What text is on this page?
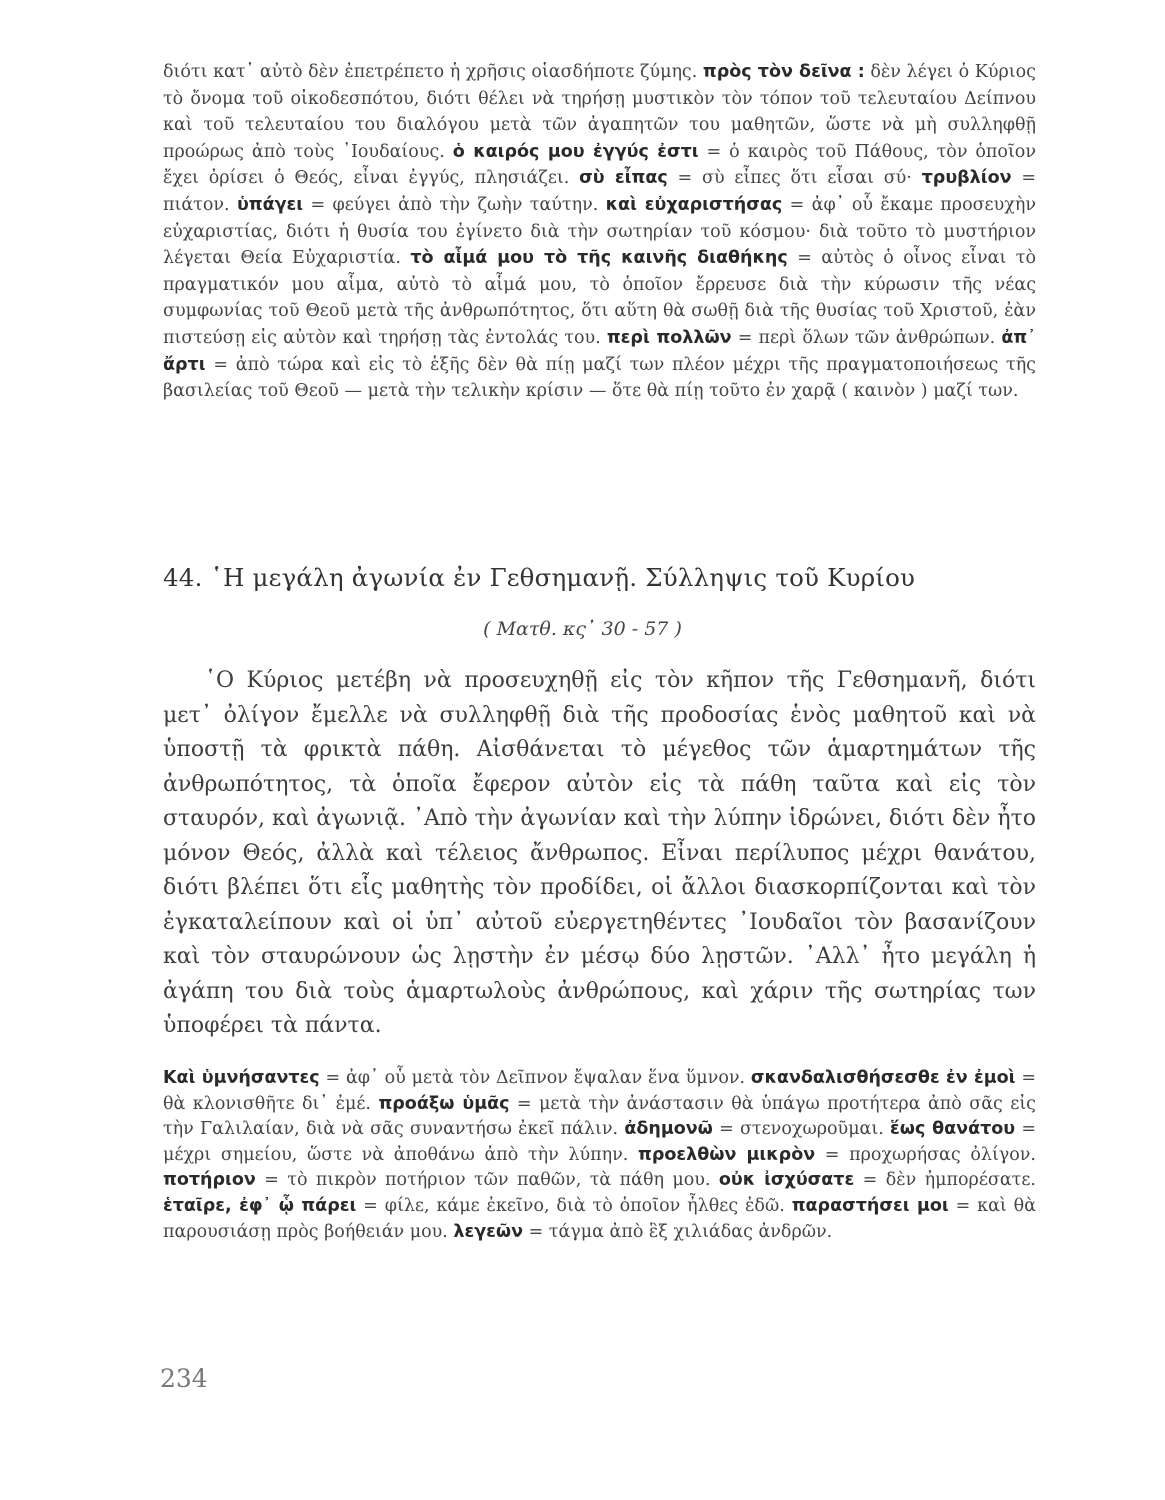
διότι κατ᾽ αὐτὸ δὲν ἐπετρέπετο ἡ χρῆσις οἱασδήποτε ζύμης. πρὸς τὸν δεῖνα : δὲν λέγει ὁ Κύριος τὸ ὄνομα τοῦ οἰκοδεσπότου, διότι θέλει νὰ τηρήσῃ μυστικὸν τὸν τόπον τοῦ τελευταίου Δείπνου καὶ τοῦ τελευταίου του διαλόγου μετὰ τῶν ἀγαπητῶν του μαθητῶν, ὥστε νὰ μὴ συλληφθῇ προώρως ἀπὸ τοὺς ᾽Ιουδαίους. ὁ καιρός μου ἐγγύς ἐστι = ὁ καιρὸς τοῦ Πάθους, τὸν ὁποῖον ἔχει ὁρίσει ὁ Θεός, εἶναι ἐγγύς, πλησιάζει. σὺ εἶπας = σὺ εἶπες ὅτι εἶσαι σύ· τρυβλίον = πιάτον. ὑπάγει = φεύγει ἀπὸ τὴν ζωὴν ταύτην. καὶ εὐχαριστήσας = ἀφ᾽ οὗ ἔκαμε προσευχὴν εὐχαριστίας, διότι ἡ θυσία του ἐγίνετο διὰ τὴν σωτηρίαν τοῦ κόσμου· διὰ τοῦτο τὸ μυστήριον λέγεται Θεία Εὐχαριστία. τὸ αἷμά μου τὸ τῆς καινῆς διαθήκης = αὐτὸς ὁ οἶνος εἶναι τὸ πραγματικόν μου αἷμα, αὐτὸ τὸ αἷμά μου, τὸ ὁποῖον ἔρρευσε διὰ τὴν κύρωσιν τῆς νέας συμφωνίας τοῦ Θεοῦ μετὰ τῆς ἀνθρωπότητος, ὅτι αὕτη θὰ σωθῇ διὰ τῆς θυσίας τοῦ Χριστοῦ, ἐὰν πιστεύσῃ εἰς αὐτὸν καὶ τηρήσῃ τὰς ἐντολάς του. περὶ πολλῶν = περὶ ὅλων τῶν ἀνθρώπων. ἀπ᾽ ἄρτι = ἀπὸ τώρα καὶ εἰς τὸ ἑξῆς δὲν θὰ πίῃ μαζί των πλέον μέχρι τῆς πραγματοποιήσεως τῆς βασιλείας τοῦ Θεοῦ — μετὰ τὴν τελικὴν κρίσιν — ὅτε θὰ πίῃ τοῦτο ἐν χαρᾷ ( καινὸν ) μαζί των.

44. ῾Η μεγάλη ἀγωνία ἐν Γεθσημανῇ. Σύλληψις τοῦ Κυρίου

( Ματθ. κς᾽ 30 - 57 )

῾Ο Κύριος μετέβη νὰ προσευχηθῇ εἰς τὸν κῆπον τῆς Γεθσημανῆ, διότι μετ᾽ ὀλίγον ἔμελλε νὰ συλληφθῇ διὰ τῆς προδοσίας ἑνὸς μαθητοῦ καὶ νὰ ὑποστῇ τὰ φρικτὰ πάθη. Αἰσθάνεται τὸ μέγεθος τῶν ἁμαρτημάτων τῆς ἀνθρωπότητος, τὰ ὁποῖα ἔφερον αὐτὸν εἰς τὰ πάθη ταῦτα καὶ εἰς τὸν σταυρόν, καὶ ἀγωνιᾷ. ᾽Απὸ τὴν ἀγωνίαν καὶ τὴν λύπην ἱδρώνει, διότι δὲν ἦτο μόνον Θεός, ἀλλὰ καὶ τέλειος ἄνθρωπος. Εἶναι περίλυπος μέχρι θανάτου, διότι βλέπει ὅτι εἷς μαθητὴς τὸν προδίδει, οἱ ἄλλοι διασκορπίζονται καὶ τὸν ἐγκαταλείπουν καὶ οἱ ὑπ᾽ αὐτοῦ εὐεργετηθέντες ᾽Ιουδαῖοι τὸν βασανίζουν καὶ τὸν σταυρώνουν ὡς λῃστὴν ἐν μέσῳ δύο λῃστῶν. ᾽Αλλ᾽ ἦτο μεγάλη ἡ ἀγάπη του διὰ τοὺς ἁμαρτωλοὺς ἀνθρώπους, καὶ χάριν τῆς σωτηρίας των ὑποφέρει τὰ πάντα.

Καὶ ὑμνήσαντες = ἀφ᾽ οὗ μετὰ τὸν Δεῖπνον ἔψαλαν ἕνα ὕμνον. σκανδαλισθήσεσθε ἐν ἐμοὶ = θὰ κλονισθῆτε δι᾽ ἐμέ. προάξω ὑμᾶς = μετὰ τὴν ἀνάστασιν θὰ ὑπάγω προτήτερα ἀπὸ σᾶς εἰς τὴν Γαλιλαίαν, διὰ νὰ σᾶς συναντήσω ἐκεῖ πάλιν. ἀδημονῶ = στενοχωροῦμαι. ἕως θανάτου = μέχρι σημείου, ὥστε νὰ ἀποθάνω ἀπὸ τὴν λύπην. προελθὼν μικρὸν = προχωρήσας ὀλίγον. ποτήριον = τὸ πικρὸν ποτήριον τῶν παθῶν, τὰ πάθη μου. οὐκ ἰσχύσατε = δὲν ἠμπορέσατε. ἑταῖρε, ἐφ᾽ ᾧ πάρει = φίλε, κάμε ἐκεῖνο, διὰ τὸ ὁποῖον ἦλθες ἐδῶ. παραστήσει μοι = καὶ θὰ παρουσιάσῃ πρὸς βοήθειάν μου. λεγεῶν = τάγμα ἀπὸ ἓξ χιλιάδας ἀνδρῶν.

234
